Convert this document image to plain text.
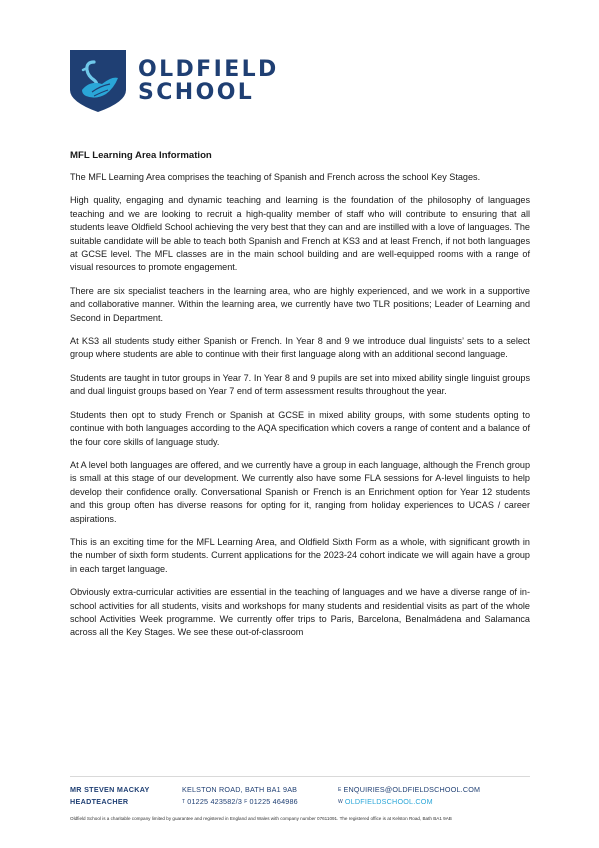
OLDFIELD
SCHOOL
MFL Learning Area Information

The MFL Learning Area comprises the teaching of Spanish and French across the school Key Stages.

High quality, engaging and dynamic teaching and learning is the foundation of the philosophy of languages teaching and we are looking to recruit a high-quality member of staff who will contribute to ensuring that all students leave Oldfield School achieving the very best that they can and are instilled with a love of languages. The suitable candidate will be able to teach both Spanish and French at KS3 and at least French, if not both languages at GCSE level. The MFL classes are in the main school building and are well-equipped rooms with a range of visual resources to promote engagement.

There are six specialist teachers in the learning area, who are highly experienced, and we work in a supportive and collaborative manner. Within the learning area, we currently have two TLR positions; Leader of Learning and Second in Department.

At KS3 all students study either Spanish or French. In Year 8 and 9 we introduce dual linguists’ sets to a select group where students are able to continue with their first language along with an additional second language.

Students are taught in tutor groups in Year 7. In Year 8 and 9 pupils are set into mixed ability single linguist groups and dual linguist groups based on Year 7 end of term assessment results throughout the year.

Students then opt to study French or Spanish at GCSE in mixed ability groups, with some students opting to continue with both languages according to the AQA specification which covers a range of content and a balance of the four core skills of language study.

At A level both languages are offered, and we currently have a group in each language, although the French group is small at this stage of our development. We currently also have some FLA sessions for A-level linguists to help develop their confidence orally. Conversational Spanish or French is an Enrichment option for Year 12 students and this group often has diverse reasons for opting for it, ranging from holiday experiences to UCAS / career aspirations.

This is an exciting time for the MFL Learning Area, and Oldfield Sixth Form as a whole, with significant growth in the number of sixth form students. Current applications for the 2023-24 cohort indicate we will again have a group in each target language.

Obviously extra-curricular activities are essential in the teaching of languages and we have a diverse range of in-school activities for all students, visits and workshops for many students and residential visits as part of the whole school Activities Week programme. We currently offer trips to Paris, Barcelona, Benalmádena and Salamanca across all the Key Stages. We see these out-of-classroom

MR STEVEN MACKAY
HEADTEACHER
KELSTON ROAD, BATH BA1 9AB
$^T$ 01225 423582/3 $^F$ 01225 464986
$^E$ ENQUIRIES@OLDFIELDSCHOOL.COM
$^W$ OLDFIELDSCHOOL.COM
Oldfield School is a charitable company limited by guarantee and registered in England and Wales with company number 07611091. The registered office is at Kelston Road, Bath BA1 9AB
